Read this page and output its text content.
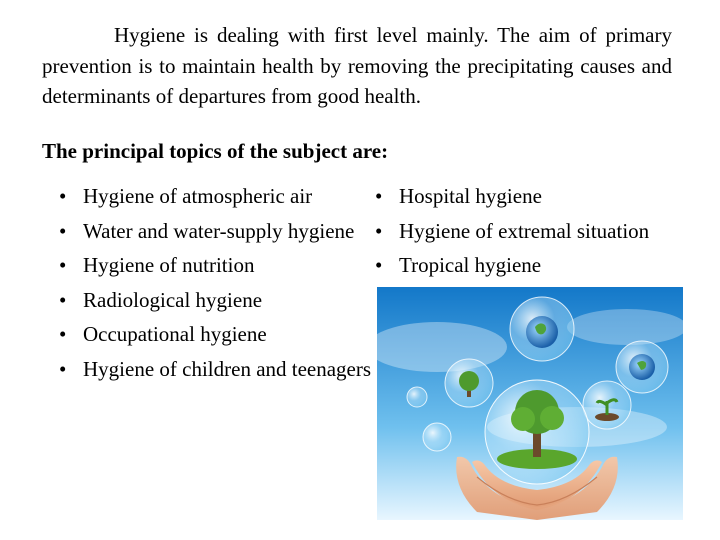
Hygiene is dealing with first level mainly. The aim of primary prevention is to maintain health by removing the precipitating causes and determinants of departures from good health.

The principal topics of the subject are:

• Hygiene of atmospheric air
• Water and water-supply hygiene
• Hygiene of nutrition
• Radiological hygiene
• Occupational hygiene
• Hygiene of children and teenagers
• Hospital hygiene
• Hygiene of extremal situation
• Tropical hygiene
